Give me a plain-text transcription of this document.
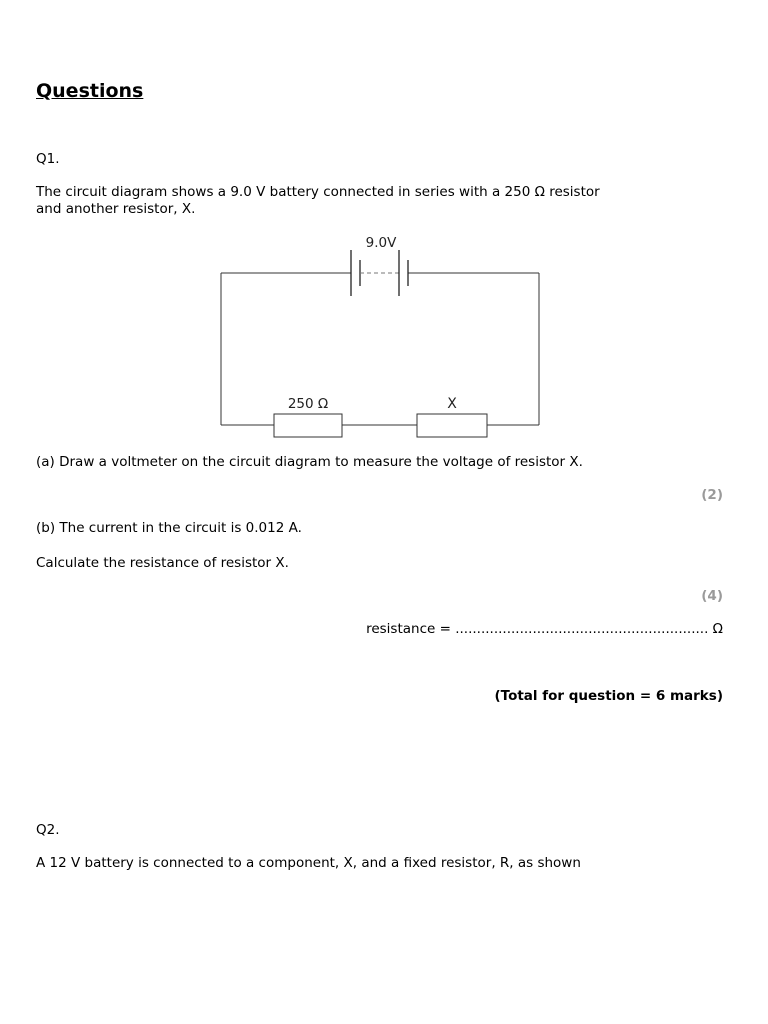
Questions
Q1.
The circuit diagram shows a 9.0 V battery connected in series with a 250 Ω resistor
and another resistor, X.
9.0V
250 Ω	X
(a) Draw a voltmeter on the circuit diagram to measure the voltage of resistor X.
(2)
(b) The current in the circuit is 0.012 A.
Calculate the resistance of resistor X.
(4)
resistance = ........................................................... Ω
(Total for question = 6 marks)
Q2.
A 12 V battery is connected to a component, X, and a fixed resistor, R, as shown
